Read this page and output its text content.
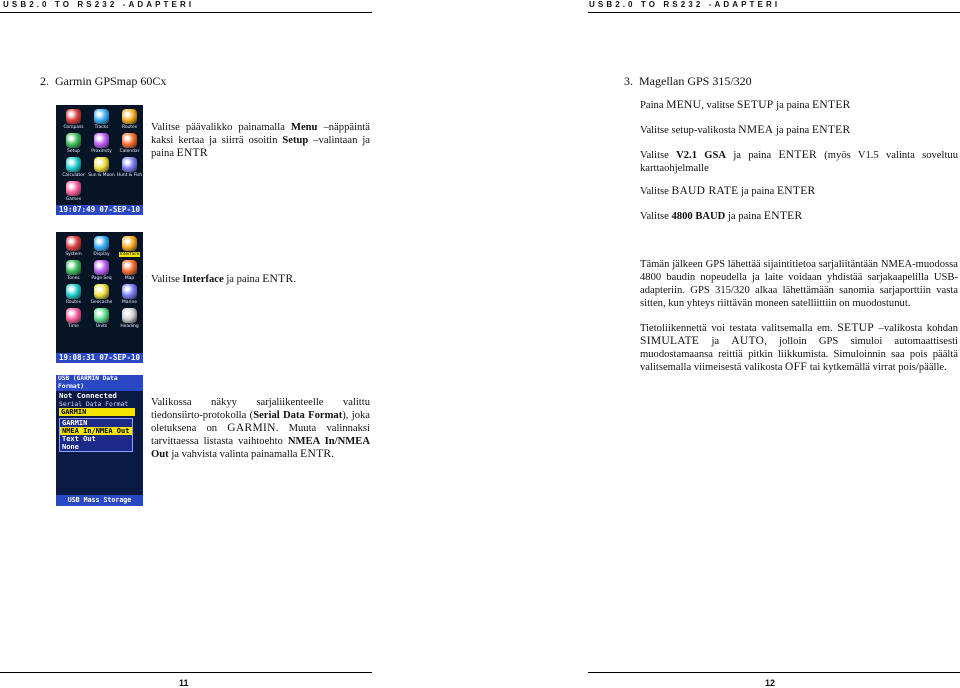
USB2.0 TO RS232 -ADAPTERI	USB2.0 TO RS232 -ADAPTERI
2. Garmin GPSmap 60Cx
Compass	Tracks	Routes
Setup	Proximity Calendar
Calculator Sun & Moon Hunt & Fish
Games
19:07:49 07-SEP-10
Valitse päävalikko painamalla Menu –näppäintä kaksi kertaa ja siirrä osoitin Setup –valintaan ja paina ENTR
System	Display Interface
Tones	Page Seq	Map
Routes Geocache Marine
Time	Units	Heading
19:08:31 07-SEP-10
Valitse Interface ja paina ENTR.
USB (GARMIN Data Format)
Not Connected
Serial Data Format
GARMIN
GARMIN
NMEA In/NMEA Out
Text Out
None
USB Mass Storage
Valikossa näkyy sarjaliikenteelle valittu tiedonsiirto-protokolla (Serial Data Format), joka oletuksena on GARMIN. Muuta valinnaksi tarvittaessa listasta vaihtoehto NMEA In/NMEA Out ja vahvista valinta painamalla ENTR.
3. Magellan GPS 315/320
Paina MENU, valitse SETUP ja paina ENTER
Valitse setup-valikosta NMEA ja paina ENTER
Valitse V2.1 GSA ja paina ENTER (myös V1.5 valinta soveltuu karttaohjelmalle
Valitse BAUD RATE ja paina ENTER
Valitse 4800 BAUD ja paina ENTER
Tämän jälkeen GPS lähettää sijaintitietoa sarjaliitäntään NMEA-muodossa 4800 baudin nopeudella ja laite voidaan yhdistää sarjakaapelilla USB-adapteriin. GPS 315/320 alkaa lähettämään sanomia sarjaporttiin vasta sitten, kun yhteys riittävän moneen satelliittiin on muodostunut.
Tietoliikennettä voi testata valitsemalla em. SETUP –valikosta kohdan SIMULATE ja AUTO, jolloin GPS simuloi automaattisesti muodostamaansa reittiä pitkin liikkumista. Simuloinnin saa pois päältä valitsemalla viimeisestä valikosta OFF tai kytkemällä virrat pois/päälle.
11	12
